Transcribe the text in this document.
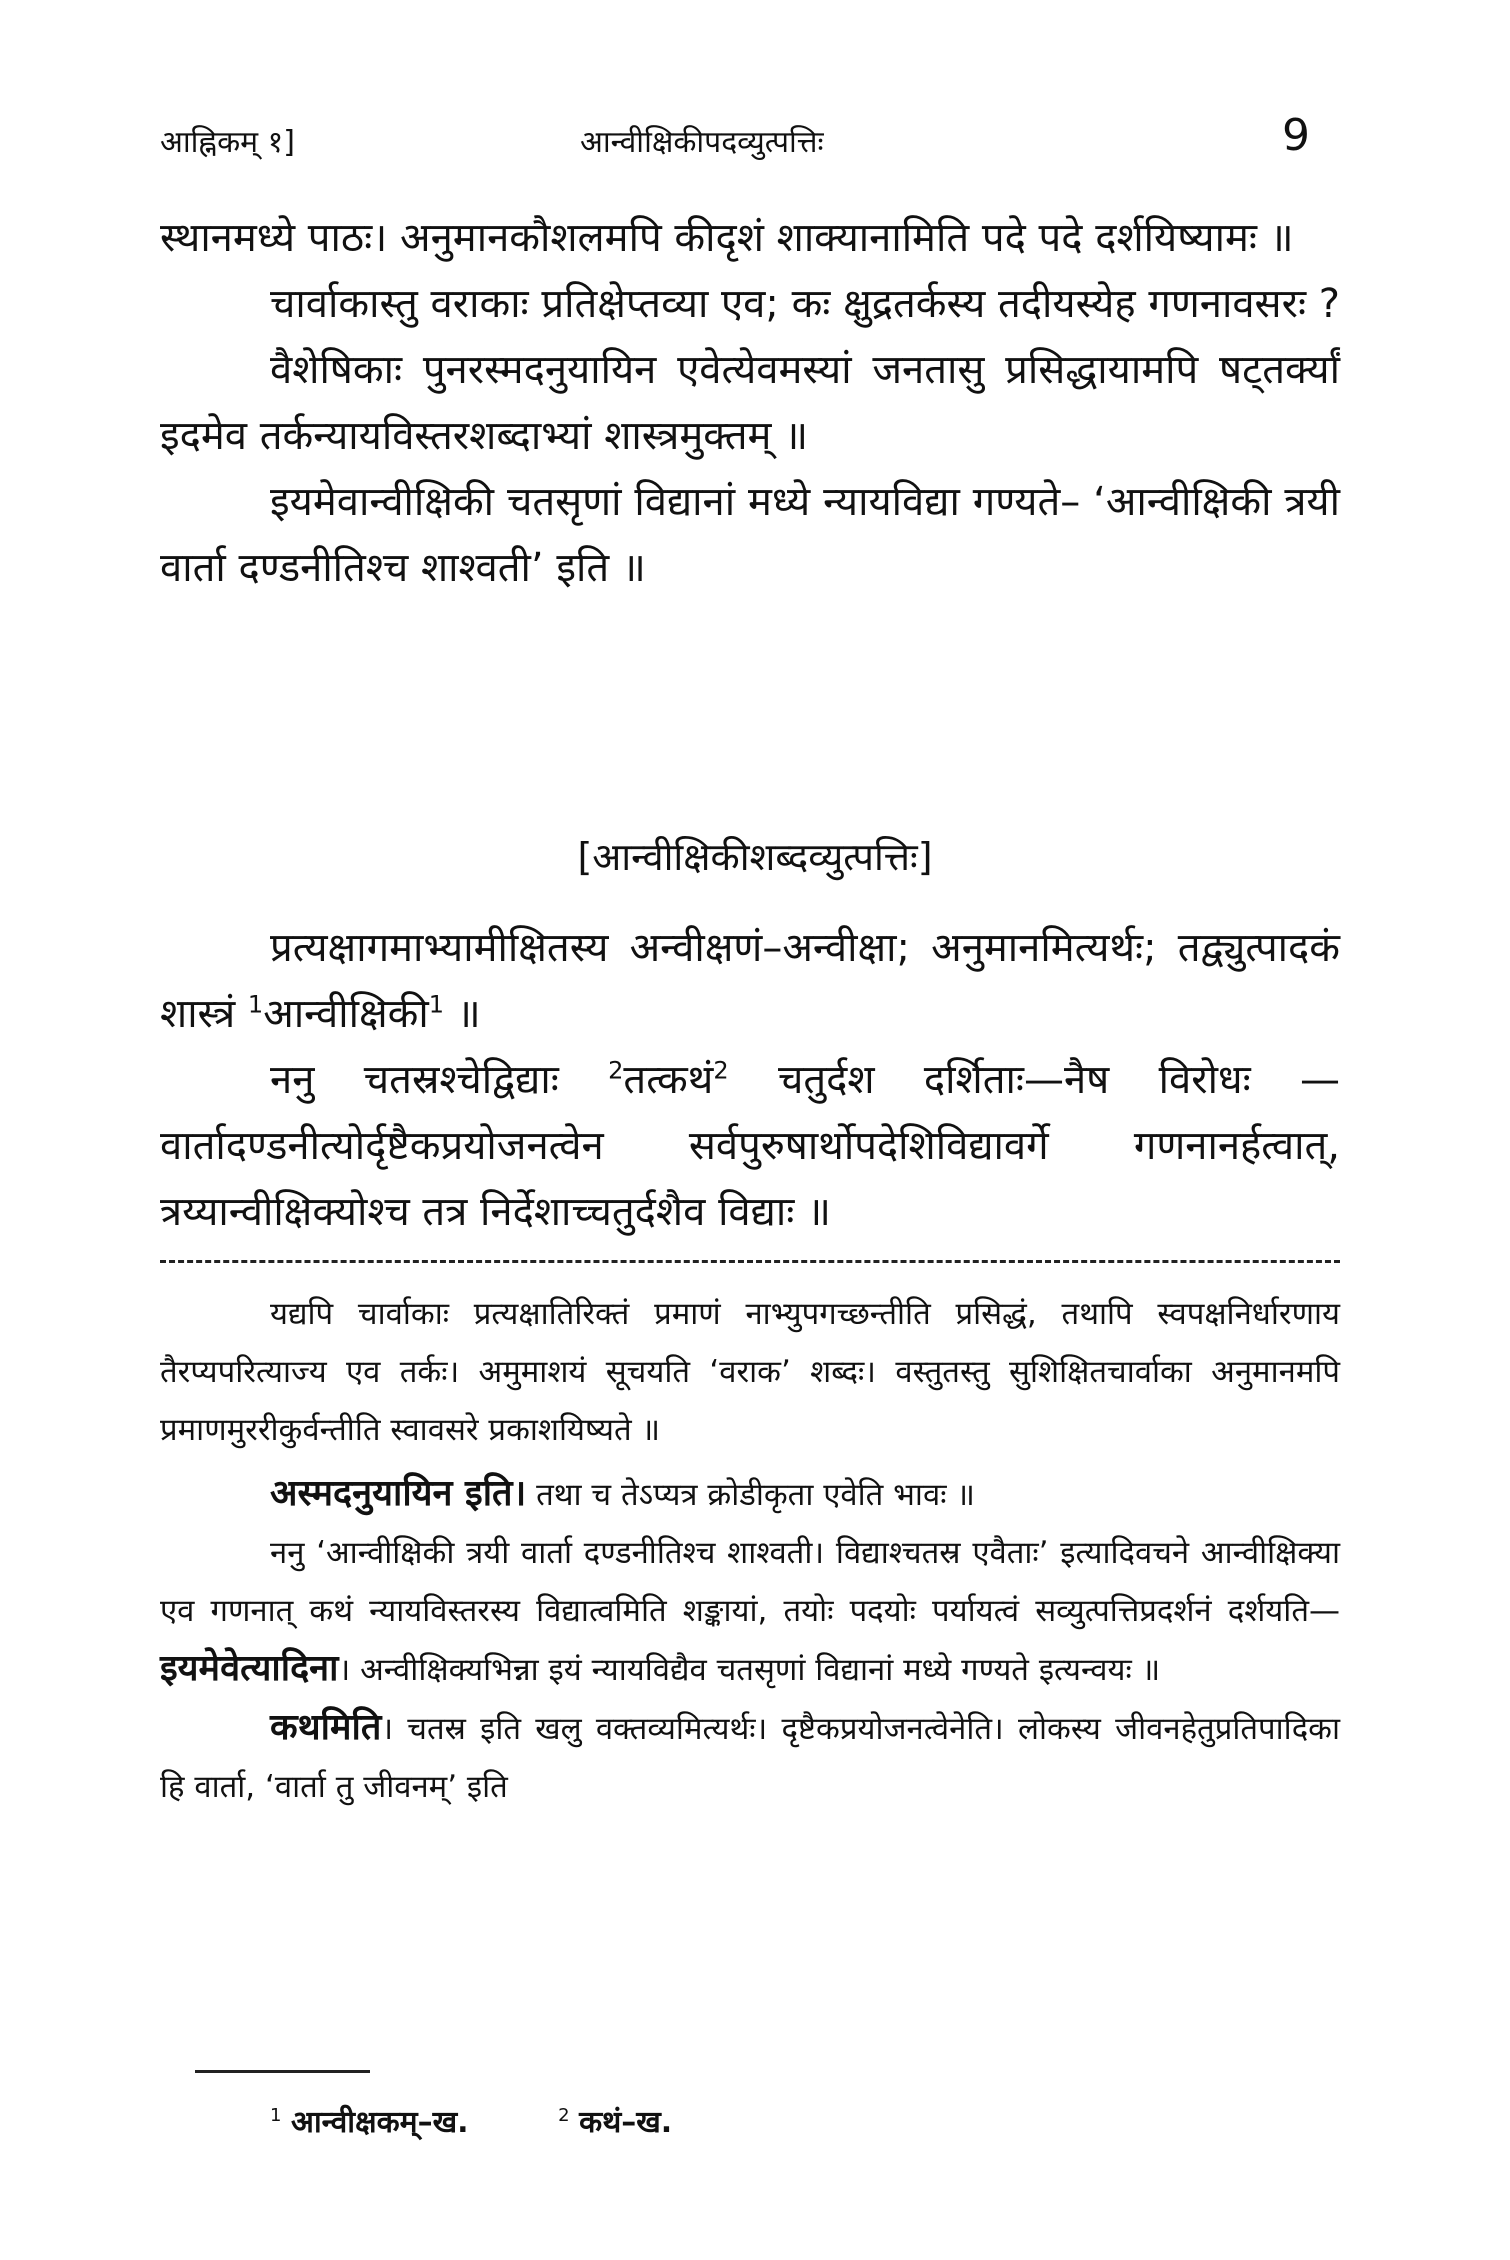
आह्निकम् १]	आन्वीक्षिकीपदव्युत्पत्तिः	9

स्थानमध्ये पाठः। अनुमानकौशलमपि कीदृशं शाक्यानामिति पदे पदे दर्शयिष्यामः ॥

चार्वाकास्तु वराकाः प्रतिक्षेप्तव्या एव; कः क्षुद्रतर्कस्य तदीयस्येह गणनावसरः ?

वैशेषिकाः पुनरस्मदनुयायिन एवेत्येवमस्यां जनतासु प्रसिद्धायामपि षट्तर्क्यां इदमेव तर्कन्यायविस्तरशब्दाभ्यां शास्त्रमुक्तम् ॥

इयमेवान्वीक्षिकी चतसृणां विद्यानां मध्ये न्यायविद्या गण्यते– ‘आन्वीक्षिकी त्रयी वार्ता दण्डनीतिश्च शाश्वती’ इति ॥

[आन्वीक्षिकीशब्दव्युत्पत्तिः]

प्रत्यक्षागमाभ्यामीक्षितस्य अन्वीक्षणं–अन्वीक्षा; अनुमानमित्यर्थः; तद्व्युत्पादकं शास्त्रं $^1$आन्वीक्षिकी$^1$ ॥

ननु चतस्रश्चेद्विद्याः $^2$तत्कथं$^2$ चतुर्दश दर्शिताः—नैष विरोधः —वार्तादण्डनीत्योर्दृष्टैकप्रयोजनत्वेन सर्वपुरुषार्थोपदेशिविद्यावर्गे गणनानर्हत्वात्, त्रय्यान्वीक्षिक्योश्च तत्र निर्देशाच्चतुर्दशैव विद्याः ॥

यद्यपि चार्वाकाः प्रत्यक्षातिरिक्तं प्रमाणं नाभ्युपगच्छन्तीति प्रसिद्धं, तथापि स्वपक्षनिर्धारणाय तैरप्यपरित्याज्य एव तर्कः। अमुमाशयं सूचयति ‘वराक’ शब्दः। वस्तुतस्तु सुशिक्षितचार्वाका अनुमानमपि प्रमाणमुररीकुर्वन्तीति स्वावसरे प्रकाशयिष्यते ॥

अस्मदनुयायिन इति। तथा च तेऽप्यत्र क्रोडीकृता एवेति भावः ॥

ननु ‘आन्वीक्षिकी त्रयी वार्ता दण्डनीतिश्च शाश्वती। विद्याश्चतस्र एवैताः’ इत्यादिवचने आन्वीक्षिक्या एव गणनात् कथं न्यायविस्तरस्य विद्यात्वमिति शङ्कायां, तयोः पदयोः पर्यायत्वं सव्युत्पत्तिप्रदर्शनं दर्शयति—इयमेवेत्यादिना। अन्वीक्षिक्यभिन्ना इयं न्यायविद्यैव चतसृणां विद्यानां मध्ये गण्यते इत्यन्वयः ॥

कथमिति। चतस्र इति खलु वक्तव्यमित्यर्थः। दृष्टैकप्रयोजनत्वेनेति। लोकस्य जीवनहेतुप्रतिपादिका हि वार्ता, ‘वार्ता तु जीवनम्’ इति

$^1$ आन्वीक्षकम्–ख.	$^2$ कथं–ख.
